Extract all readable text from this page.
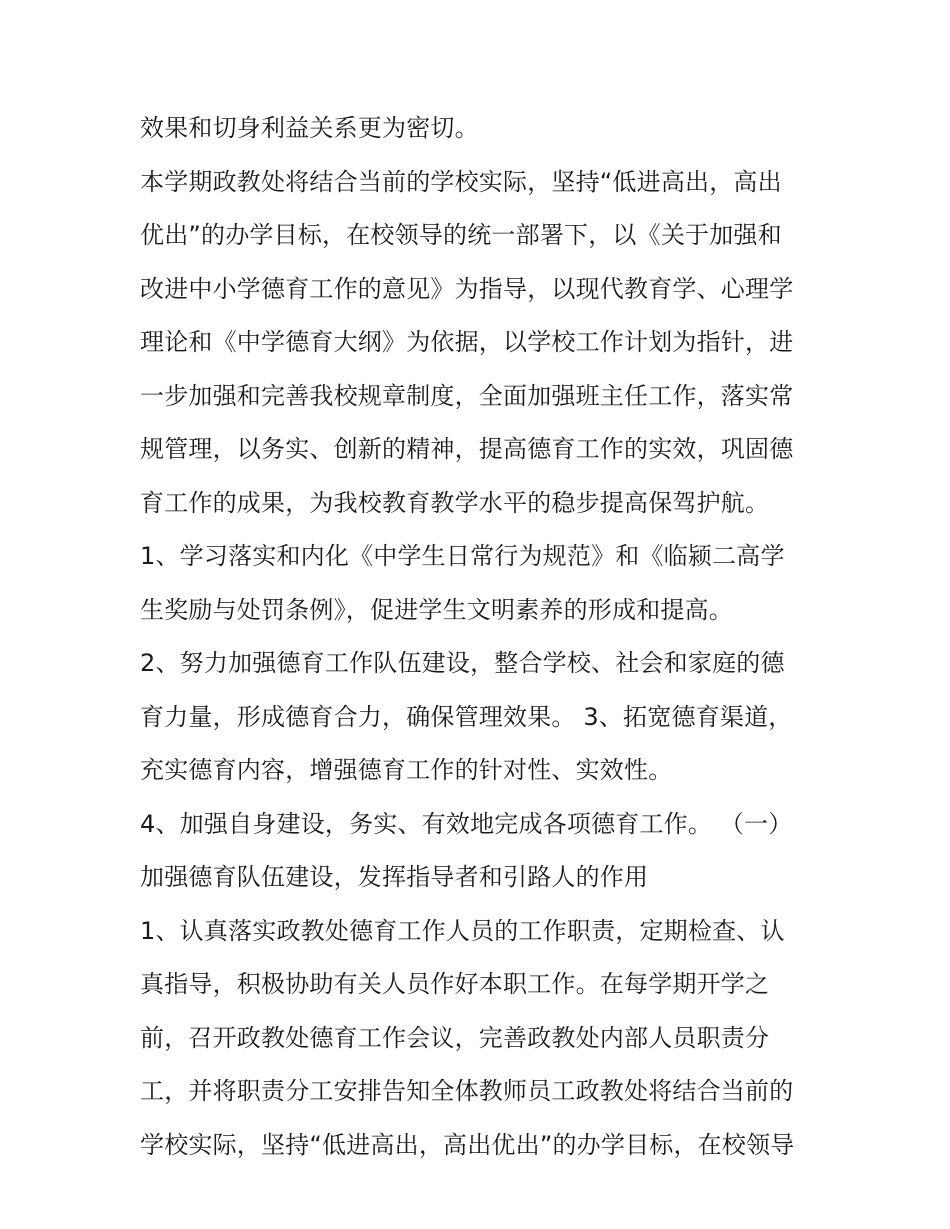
效果和切身利益关系更为密切。
本学期政教处将结合当前的学校实际，坚持“低进高出，高出
优出”的办学目标，在校领导的统一部署下，以《关于加强和
改进中小学德育工作的意见》为指导，以现代教育学、心理学
理论和《中学德育大纲》为依据，以学校工作计划为指针，进
一步加强和完善我校规章制度，全面加强班主任工作，落实常
规管理，以务实、创新的精神，提高德育工作的实效，巩固德
育工作的成果，为我校教育教学水平的稳步提高保驾护航。
1、学习落实和内化《中学生日常行为规范》和《临颍二高学
生奖励与处罚条例》，促进学生文明素养的形成和提高。
2、努力加强德育工作队伍建设，整合学校、社会和家庭的德
育力量，形成德育合力，确保管理效果。 3、拓宽德育渠道，
充实德育内容，增强德育工作的针对性、实效性。
4、加强自身建设，务实、有效地完成各项德育工作。 （一）
加强德育队伍建设，发挥指导者和引路人的作用
1、认真落实政教处德育工作人员的工作职责，定期检查、认
真指导，积极协助有关人员作好本职工作。在每学期开学之
前，召开政教处德育工作会议，完善政教处内部人员职责分
工，并将职责分工安排告知全体教师员工政教处将结合当前的
学校实际，坚持“低进高出，高出优出”的办学目标，在校领导
